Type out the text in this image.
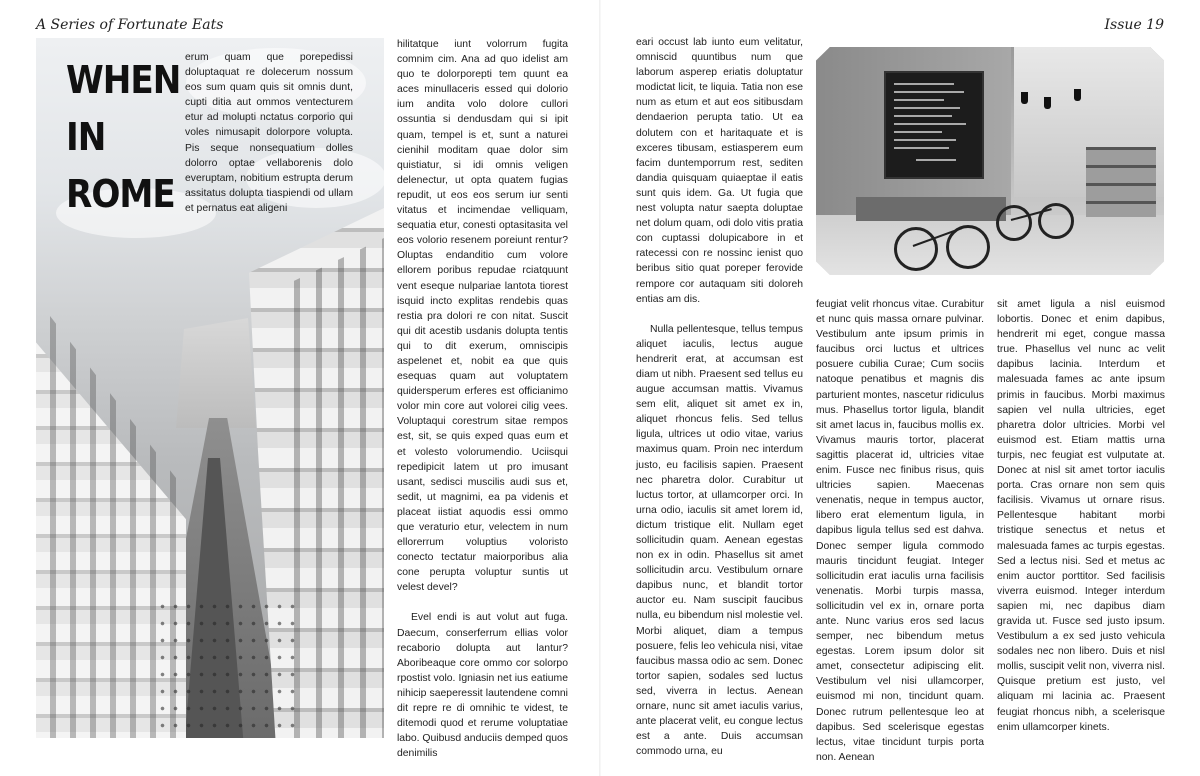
A Series of Fortunate Eats	Issue 19
WHEN
IN
ROME

erum quam que porepedissi doluptaquat re dolecerum nossum eos sum quam quis sit omnis dunt, cupti ditia aut ommos ventecturem etur ad molupti nctatus corporio qui voles nimusapit dolorpore volupta. Pis seque nonsequatium dolles dolorro optae vellaborenis dolo everuptam, nobitium estrupta derum assitatus dolupta tiaspiendi od ullam et pernatus eat aligeni

hilitatque iunt volorrum fugita comnim cim. Ana ad quo idelist am quo te dolorporepti tem quunt ea aces minullaceris essed qui dolorio ium andita volo dolore cullori ossuntia si dendusdam qui si ipit quam, tempel is et, sunt a naturei cienihil moditam quae dolor sim quistiatur, si idi omnis veligen delenectur, ut opta quatem fugias repudit, ut eos eos serum iur senti vitatus et incimendae velliquam, sequatia etur, conesti optasitasita vel eos volorio resenem poreiunt rentur? Oluptas endanditio cum volore ellorem poribus repudae rciatquunt vent eseque nulpariae lantota tiorest isquid incto explitas rendebis quas restia pra dolori re con nitat. Suscit qui dit acestib usdanis dolupta tentis qui to dit exerum, omniscipis aspelenet et, nobit ea que quis esequas quam aut voluptatem quidersperum erferes est officianimo volor min core aut volorei cilig vees. Voluptaqui corestrum sitae rempos est, sit, se quis exped quas eum et et volesto volorumendio. Uciisqui repedipicit latem ut pro imusant usant, sedisci muscilis audi sus et, sedit, ut magnimi, ea pa videnis et placeat iistiat aquodis essi ommo que veraturio etur, velectem in num ellorerrum voluptius voloristo conecto tectatur maiorporibus alia cone perupta voluptur suntis ut velest devel?

Evel endi is aut volut aut fuga. Daecum, conserferrum ellias volor recaborio dolupta aut lantur? Aboribeaque core ommo cor solorpo rpostist volo. Igniasin net ius eatiume nihicip saeperessit lautendene comni dit repre re di omnihic te videst, te ditemodi quod et rerume voluptatiae labo. Quibusd anduciis demped quos denimilis

eari occust lab iunto eum velitatur, omniscid quuntibus num que laborum asperep eriatis doluptatur modictat licit, te liquia. Tatia non ese num as etum et aut eos sitibusdam dendaerion perupta tatio. Ut ea dolutem con et haritaquate et is exceres tibusam, estiasperem eum facim duntemporrum rest, sediten dandia quisquam quiaeptae il eatis sunt quis idem. Ga. Ut fugia que nest volupta natur saepta doluptae net dolum quam, odi dolo vitis pratia con cuptassi dolupicabore in et ratecessi con re nossinc ienist quo beribus sitio quat poreper ferovide rempore cor autaquam siti doloreh entias am dis.

Nulla pellentesque, tellus tempus aliquet iaculis, lectus augue hendrerit erat, at accumsan est diam ut nibh. Praesent sed tellus eu augue accumsan mattis. Vivamus sem elit, aliquet sit amet ex in, aliquet rhoncus felis. Sed tellus ligula, ultrices ut odio vitae, varius maximus quam. Proin nec interdum justo, eu facilisis sapien. Praesent nec pharetra dolor. Curabitur ut luctus tortor, at ullamcorper orci. In urna odio, iaculis sit amet lorem id, dictum tristique elit. Nullam eget sollicitudin quam. Aenean egestas non ex in odin. Phasellus sit amet sollicitudin arcu. Vestibulum ornare dapibus nunc, et blandit tortor auctor eu. Nam suscipit faucibus nulla, eu bibendum nisl molestie vel. Morbi aliquet, diam a tempus posuere, felis leo vehicula nisi, vitae faucibus massa odio ac sem. Donec tortor sapien, sodales sed luctus sed, viverra in lectus. Aenean ornare, nunc sit amet iaculis varius, ante placerat velit, eu congue lectus est a ante. Duis accumsan commodo urna, eu

feugiat velit rhoncus vitae. Curabitur et nunc quis massa ornare pulvinar. Vestibulum ante ipsum primis in faucibus orci luctus et ultrices posuere cubilia Curae; Cum sociis natoque penatibus et magnis dis parturient montes, nascetur ridiculus mus. Phasellus tortor ligula, blandit sit amet lacus in, faucibus mollis ex. Vivamus mauris tortor, placerat sagittis placerat id, ultricies vitae enim. Fusce nec finibus risus, quis ultricies sapien. Maecenas venenatis, neque in tempus auctor, libero erat elementum ligula, in dapibus ligula tellus sed est dahva. Donec semper ligula commodo mauris tincidunt feugiat. Integer sollicitudin erat iaculis urna facilisis venenatis. Morbi turpis massa, sollicitudin vel ex in, ornare porta ante. Nunc varius eros sed lacus semper, nec bibendum metus egestas. Lorem ipsum dolor sit amet, consectetur adipiscing elit. Vestibulum vel nisi ullamcorper, euismod mi non, tincidunt quam. Donec rutrum pellentesque leo at dapibus. Sed scelerisque egestas lectus, vitae tincidunt turpis porta non. Aenean

sit amet ligula a nisl euismod lobortis. Donec et enim dapibus, hendrerit mi eget, congue massa true. Phasellus vel nunc ac velit dapibus lacinia. Interdum et malesuada fames ac ante ipsum primis in faucibus. Morbi maximus sapien vel nulla ultricies, eget pharetra dolor ultricies. Morbi vel euismod est. Etiam mattis urna turpis, nec feugiat est vulputate at. Donec at nisl sit amet tortor iaculis porta. Cras ornare non sem quis facilisis. Vivamus ut ornare risus. Pellentesque habitant morbi tristique senectus et netus et malesuada fames ac turpis egestas. Sed a lectus nisi. Sed et metus ac enim auctor porttitor. Sed facilisis viverra euismod. Integer interdum sapien mi, nec dapibus diam gravida ut. Fusce sed justo ipsum. Vestibulum a ex sed justo vehicula sodales nec non libero. Duis et nisl mollis, suscipit velit non, viverra nisl. Quisque pretium est justo, vel aliquam mi lacinia ac. Praesent feugiat rhoncus nibh, a scelerisque enim ullamcorper kinets.
